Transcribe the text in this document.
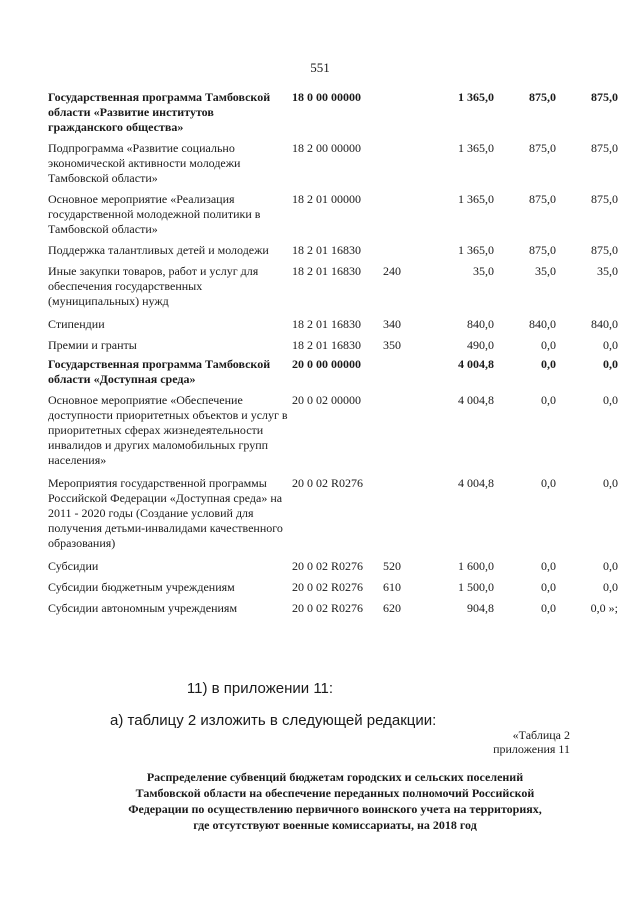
551
Государственная программа Тамбовской области «Развитие институтов гражданского общества»
18 0 00 00000	1 365,0	875,0	875,0
Подпрограмма «Развитие социально экономической активности молодежи Тамбовской области»
18 2 00 00000	1 365,0	875,0	875,0
Основное мероприятие «Реализация государственной молодежной политики в Тамбовской области»
18 2 01 00000	1 365,0	875,0	875,0
Поддержка талантливых детей и молодежи	18 2 01 16830	1 365,0	875,0	875,0
Иные закупки товаров, работ и услуг для обеспечения государственных (муниципальных) нужд
18 2 01 16830 240	35,0	35,0	35,0
Стипендии	18 2 01 16830 340	840,0	840,0	840,0
Премии и гранты	18 2 01 16830 350	490,0	0,0	0,0
Государственная программа Тамбовской области «Доступная среда»
20 0 00 00000	4 004,8	0,0	0,0
Основное мероприятие «Обеспечение доступности приоритетных объектов и услуг в приоритетных сферах жизнедеятельности инвалидов и других маломобильных групп населения»
20 0 02 00000	4 004,8	0,0	0,0
Мероприятия государственной программы Российской Федерации «Доступная среда» на 2011 - 2020 годы (Создание условий для получения детьми-инвалидами качественного образования)
20 0 02 R0276	4 004,8	0,0	0,0
Субсидии	20 0 02 R0276 520	1 600,0	0,0	0,0
Субсидии бюджетным учреждениям	20 0 02 R0276 610	1 500,0	0,0	0,0
Субсидии автономным учреждениям	20 0 02 R0276 620	904,8	0,0	0,0 »;
11) в приложении 11:
а) таблицу 2 изложить в следующей редакции:
«Таблица 2
приложения 11
Распределение субвенций бюджетам городских и сельских поселений
Тамбовской области на обеспечение переданных полномочий Российской
Федерации по осуществлению первичного воинского учета на территориях,
где отсутствуют военные комиссариаты, на 2018 год
